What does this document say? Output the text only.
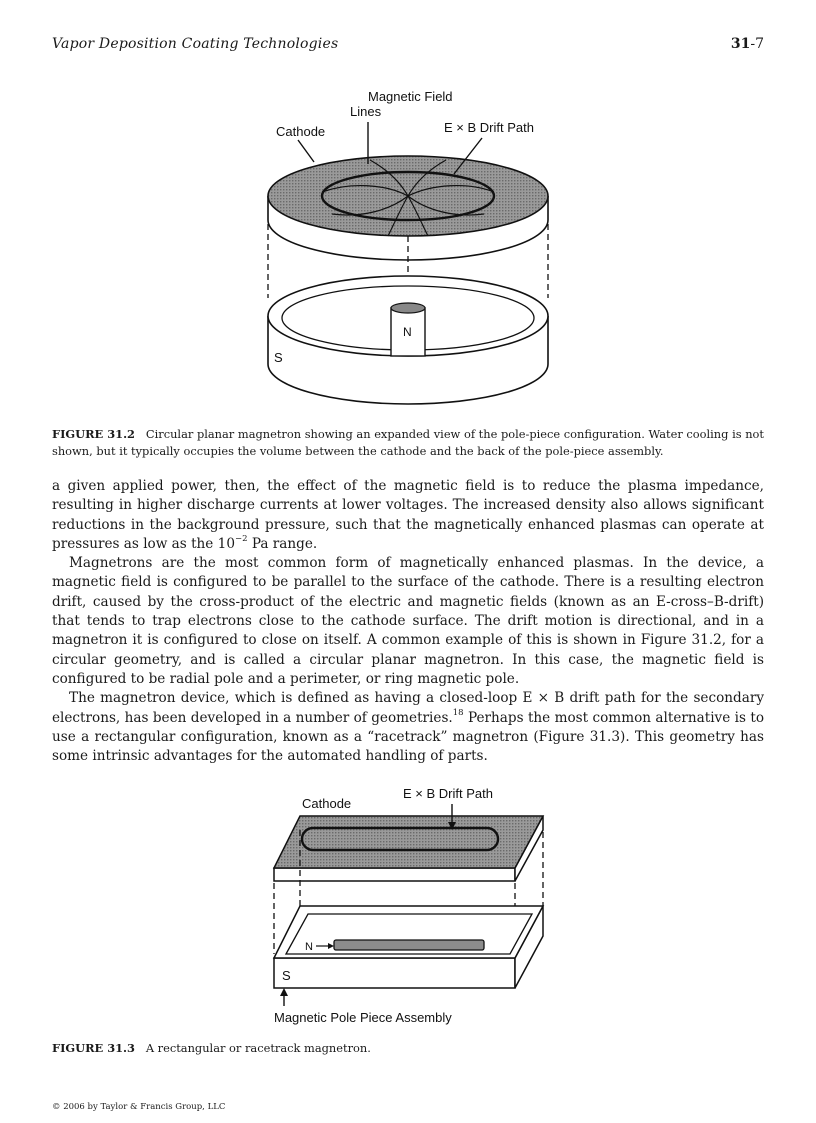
Vapor Deposition Coating Technologies	31-7
Magnetic Field
Lines
Cathode	E × B Drift Path
N
S
FIGURE 31.2 Circular planar magnetron showing an expanded view of the pole-piece configuration. Water cooling is not shown, but it typically occupies the volume between the cathode and the back of the pole-piece assembly.

a given applied power, then, the effect of the magnetic field is to reduce the plasma impedance, resulting in higher discharge currents at lower voltages. The increased density also allows significant reductions in the background pressure, such that the magnetically enhanced plasmas can operate at pressures as low as the $10^{-2}$ Pa range.

Magnetrons are the most common form of magnetically enhanced plasmas. In the device, a magnetic field is configured to be parallel to the surface of the cathode. There is a resulting electron drift, caused by the cross-product of the electric and magnetic fields (known as an E-cross–B-drift) that tends to trap electrons close to the cathode surface. The drift motion is directional, and in a magnetron it is configured to close on itself. A common example of this is shown in Figure 31.2, for a circular geometry, and is called a circular planar magnetron. In this case, the magnetic field is configured to be radial pole and a perimeter, or ring magnetic pole.

The magnetron device, which is defined as having a closed-loop E × B drift path for the secondary electrons, has been developed in a number of geometries.$^{18}$ Perhaps the most common alternative is to use a rectangular configuration, known as a “racetrack” magnetron (Figure 31.3). This geometry has some intrinsic advantages for the automated handling of parts.

E × B Drift Path
Cathode
N
S
Magnetic Pole Piece Assembly
FIGURE 31.3 A rectangular or racetrack magnetron.
© 2006 by Taylor & Francis Group, LLC
